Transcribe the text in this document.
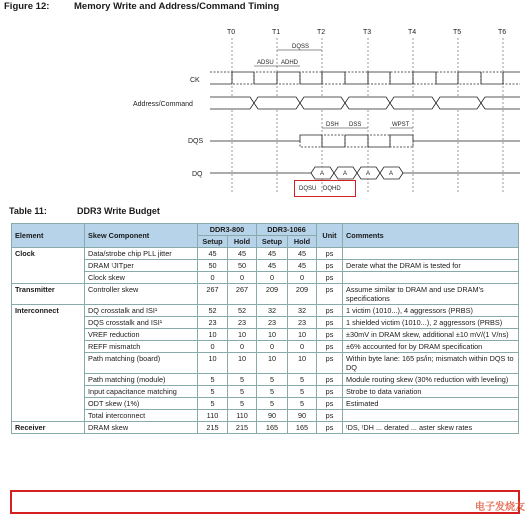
Figure 12:	Memory Write and Address/Command Timing
T0	T1	T2	T3	T4	T5	T6
CK
Address/Command
DQS
DQ
ADSU ADHD
DQSS
DSH DSS	WPST
A	A	A	A
DQSU DQHD
Table 11:	DDR3 Write Budget
Element	Skew Component	DDR3-800		DDR3-1066		Unit	Comments
		Setup	Hold	Setup	Hold		
Clock	Data/strobe chip PLL jitter	45	45	45	45	ps	
	DRAM ᵗJITper	50	50	45	45	ps	Derate what the DRAM is tested for
	Clock skew	0	0	0	0	ps	
Transmitter	Controller skew	267	267	209	209	ps	Assume similar to DRAM and use DRAM's specifications
Interconnect	DQ crosstalk and ISI¹	52	52	32	32	ps	1 victim (1010...), 4 aggressors (PRBS)
	DQS crosstalk and ISI¹	23	23	23	23	ps	1 shielded victim (1010...), 2 aggressors (PRBS)
	VREF reduction	10	10	10	10	ps	±30mV in DRAM skew, additional ±10 mV/(1 V/ns)
	REFF mismatch	0	0	0	0	ps	±6% accounted for by DRAM specification
	Path matching (board)	10	10	10	10	ps	Within byte lane: 165 ps/in; mismatch within DQS to DQ
	Path matching (module)	5	5	5	5	ps	Module routing skew (30% reduction with leveling)
	Input capacitance matching	5	5	5	5	ps	Strobe to data variation
	ODT skew (1%)	5	5	5	5	ps	Estimated
	Total interconnect	110	110	90	90	ps	
Receiver	DRAM skew	215	215	165	165	ps	ᵗDS, ᵗDH ... derated ... aster skew rates
电子发烧友
